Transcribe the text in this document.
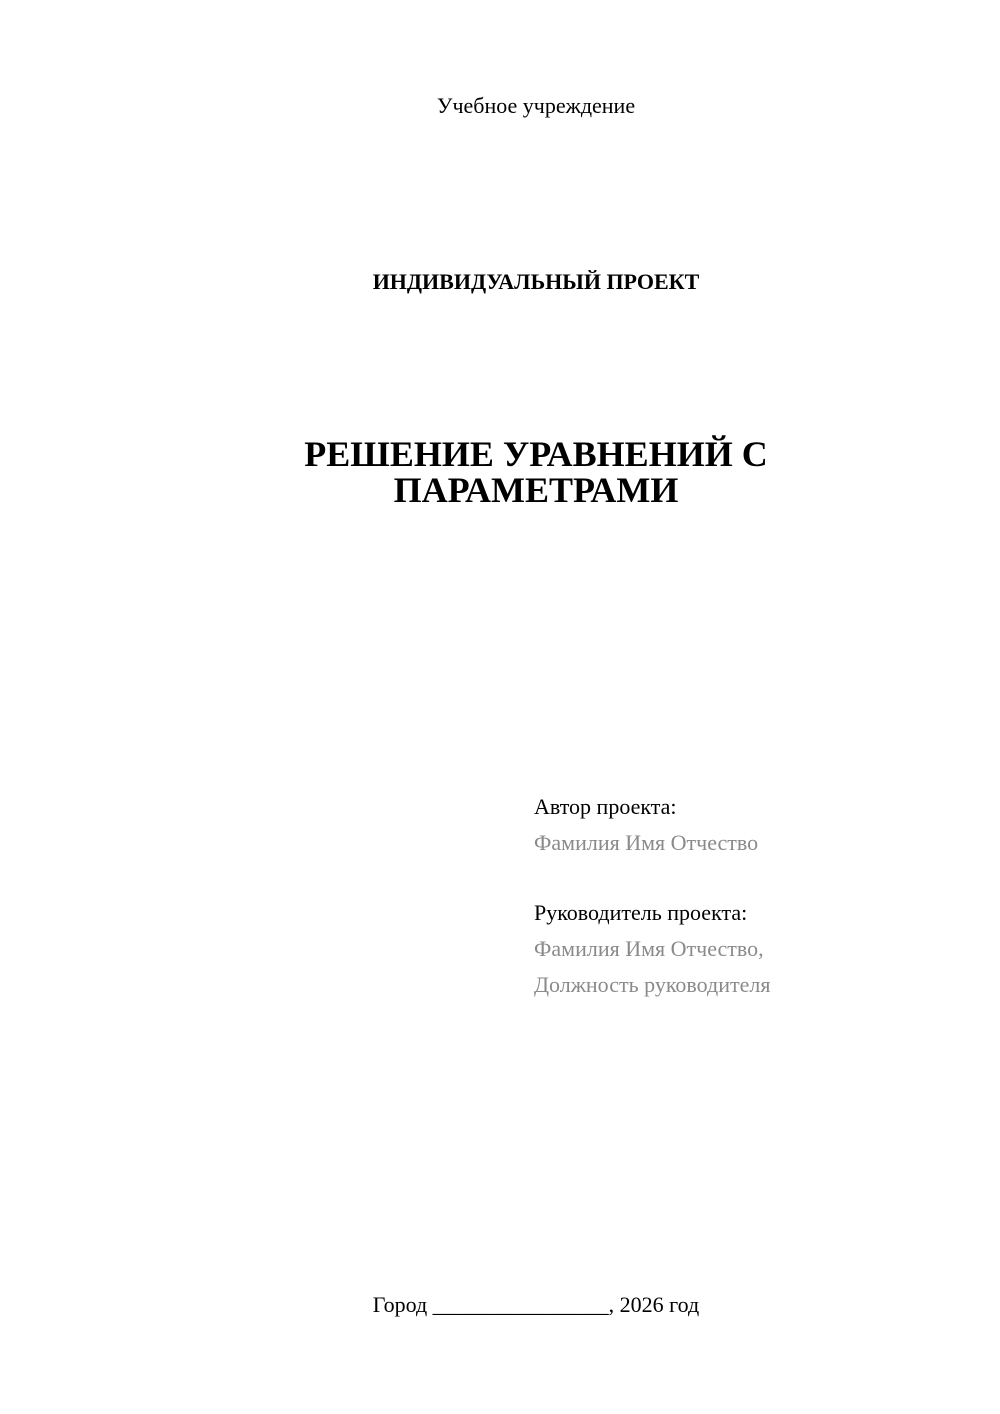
Учебное учреждение
ИНДИВИДУАЛЬНЫЙ ПРОЕКТ
РЕШЕНИЕ УРАВНЕНИЙ С
ПАРАМЕТРАМИ
Автор проекта:
Фамилия Имя Отчество
Руководитель проекта:
Фамилия Имя Отчество,
Должность руководителя
Город ________________, 2026 год
